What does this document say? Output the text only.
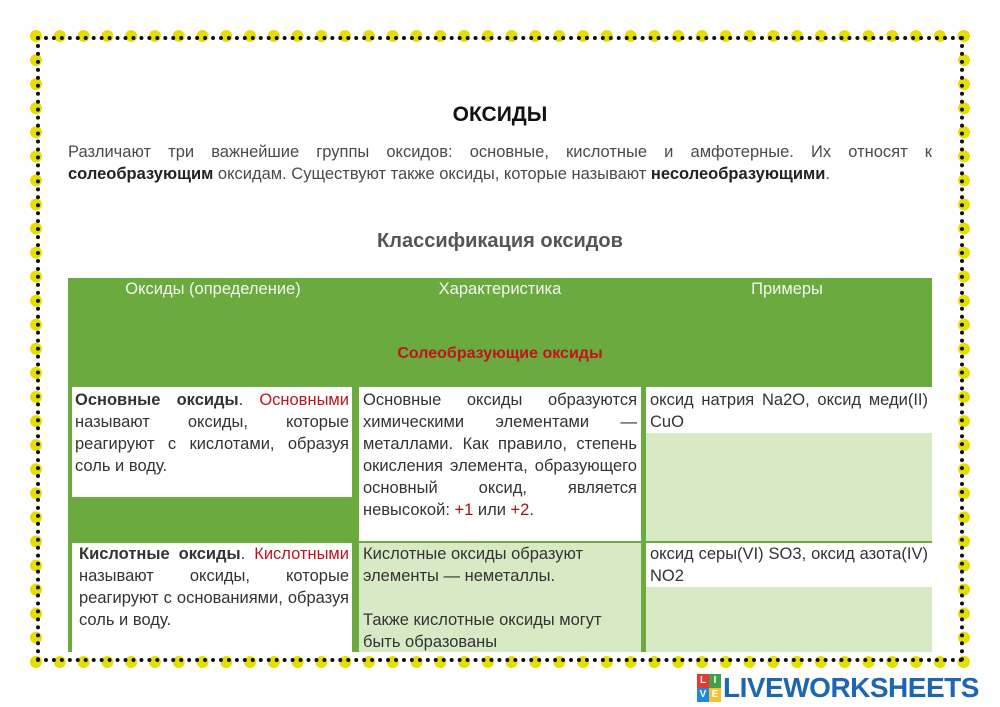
ОКСИДЫ
Различают три важнейшие группы оксидов: основные, кислотные и амфотерные. Их относят к солеобразующим оксидам. Существуют также оксиды, которые называют несолеобразующими.
Классификация оксидов
Оксиды (определение)	Характеристика	Примеры
Солеобразующие оксиды
Основные оксиды. Основными называют оксиды, которые реагируют с кислотами, образуя соль и воду.
Основные оксиды образуются химическими элементами — металлами. Как правило, степень окисления элемента, образующего основный оксид, является невысокой: +1 или +2.
оксид натрия Na2O, оксид меди(II) CuO
Кислотные оксиды. Кислотными называют оксиды, которые реагируют с основаниями, образуя соль и воду.
Кислотные оксиды образуют элементы — неметаллы.
Также кислотные оксиды могут быть образованы
оксид серы(VI) SO3, оксид азота(IV) NO2
L I
V E LIVEWORKSHEETS
